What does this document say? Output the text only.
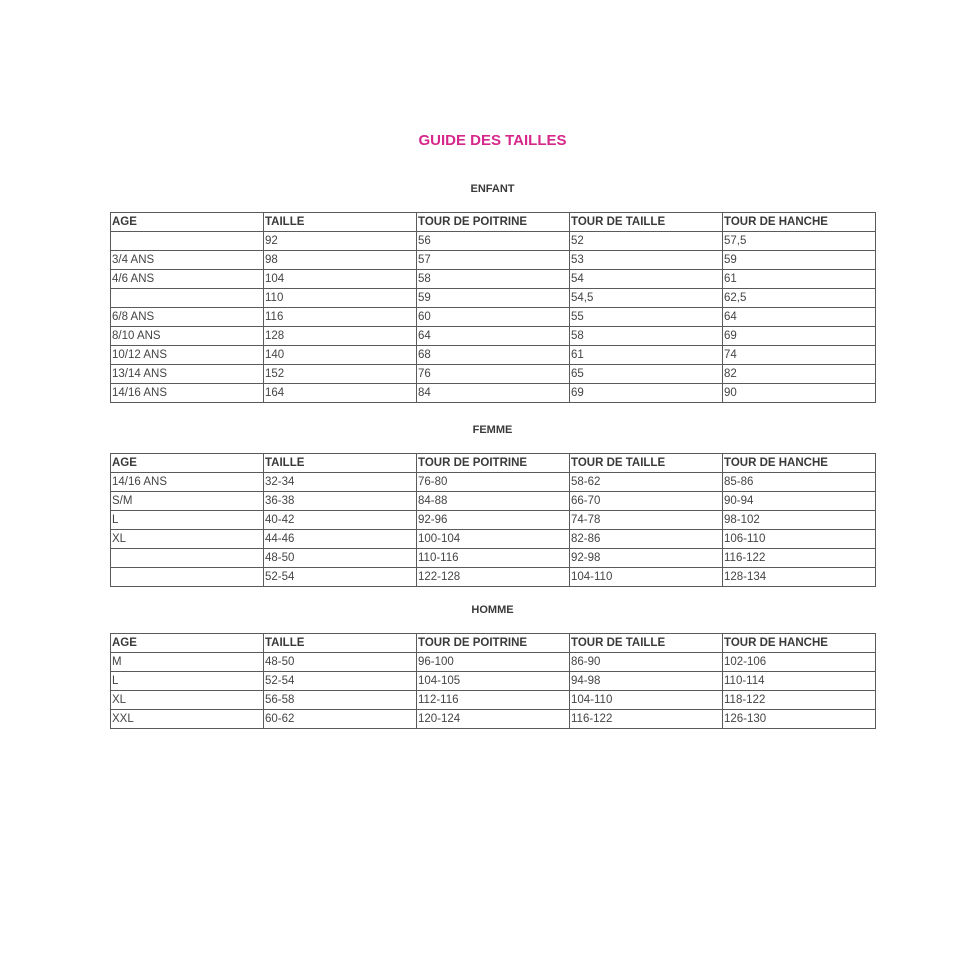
GUIDE DES TAILLES
ENFANT
AGE	TAILLE	TOUR DE POITRINE	TOUR DE TAILLE	TOUR DE HANCHE
	92	56	52	57,5
3/4 ANS	98	57	53	59
4/6 ANS	104	58	54	61
	110	59	54,5	62,5
6/8 ANS	116	60	55	64
8/10 ANS	128	64	58	69
10/12 ANS	140	68	61	74
13/14 ANS	152	76	65	82
14/16 ANS	164	84	69	90
FEMME
AGE	TAILLE	TOUR DE POITRINE	TOUR DE TAILLE	TOUR DE HANCHE
14/16 ANS	32-34	76-80	58-62	85-86
S/M	36-38	84-88	66-70	90-94
L	40-42	92-96	74-78	98-102
XL	44-46	100-104	82-86	106-110
	48-50	110-116	92-98	116-122
	52-54	122-128	104-110	128-134
HOMME
AGE	TAILLE	TOUR DE POITRINE	TOUR DE TAILLE	TOUR DE HANCHE
M	48-50	96-100	86-90	102-106
L	52-54	104-105	94-98	110-114
XL	56-58	112-116	104-110	118-122
XXL	60-62	120-124	116-122	126-130
